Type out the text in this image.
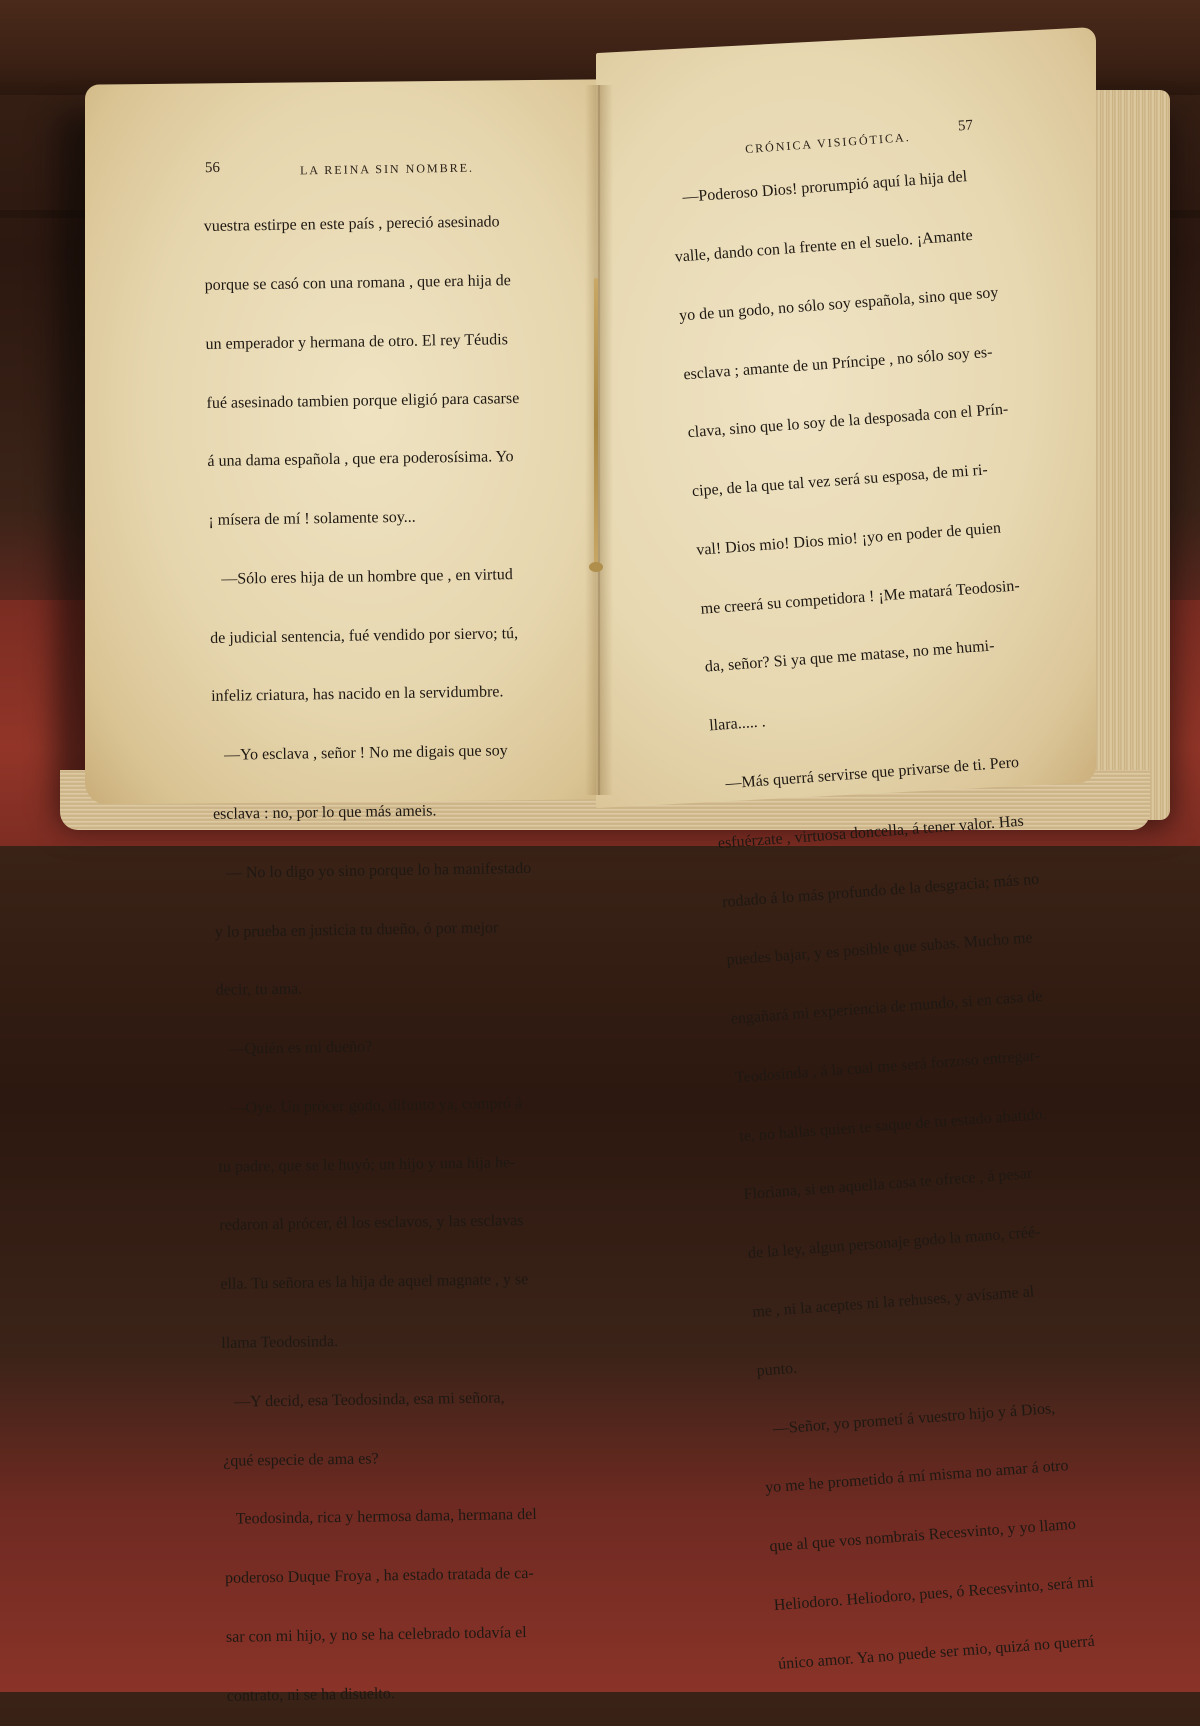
56	LA REINA SIN NOMBRE.
CRÓNICA VISIGÓTICA.
57

vuestra estirpe en este país , pereció asesinado

porque se casó con una romana , que era hija de

un emperador y hermana de otro. El rey Téudis

fué asesinado tambien porque eligió para casarse

á una dama española , que era poderosísima. Yo

¡ mísera de mí ! solamente soy...

—Sólo eres hija de un hombre que , en virtud

de judicial sentencia, fué vendido por siervo; tú,

infeliz criatura, has nacido en la servidumbre.

—Yo esclava , señor ! No me digais que soy

esclava : no, por lo que más ameis.

— No lo digo yo sino porque lo ha manifestado

y lo prueba en justicia tu dueño, ó por mejor

decir, tu ama.

—Quién es mi dueño?

—Oye. Un prócer godo, difunto ya, compró á

tu padre, que se le huyó; un hijo y una hija he-

redaron al prócer, él los esclavos, y las esclavas

ella. Tu señora es la hija de aquel magnate , y se

llama Teodosinda.

—Y decid, esa Teodosinda, esa mi señora,

¿qué especie de ama es?

Teodosinda, rica y hermosa dama, hermana del

poderoso Duque Froya , ha estado tratada de ca-

sar con mi hijo, y no se ha celebrado todavía el

contrato, ni se ha disuelto.

—Poderoso Dios! prorumpió aquí la hija del

valle, dando con la frente en el suelo. ¡Amante

yo de un godo, no sólo soy española, sino que soy

esclava ; amante de un Príncipe , no sólo soy es-

clava, sino que lo soy de la desposada con el Prín-

cipe, de la que tal vez será su esposa, de mi ri-

val! Dios mio! Dios mio! ¡yo en poder de quien

me creerá su competidora ! ¡Me matará Teodosin-

da, señor? Si ya que me matase, no me humi-

llara..... .

—Más querrá servirse que privarse de ti. Pero

esfuérzate , virtuosa doncella, á tener valor. Has

rodado á lo más profundo de la desgracia; más no

puedes bajar, y es posible que subas. Mucho me

engañará mi experiencia de mundo, si en casa de

Teodosinda , á la cual me será forzoso entregar-

te, no hallas quien te saque de tu estado abatido.

Floriana, si en aquella casa te ofrece , á pesar

de la ley, algun personaje godo la mano, créé-

me , ni la aceptes ni la rehuses, y avísame al

punto.

—Señor, yo prometí á vuestro hijo y á Dios,

yo me he prometido á mí misma no amar á otro

que al que vos nombrais Recesvinto, y yo llamo

Heliodoro. Heliodoro, pues, ó Recesvinto, será mi

único amor. Ya no puede ser mio, quizá no querrá
